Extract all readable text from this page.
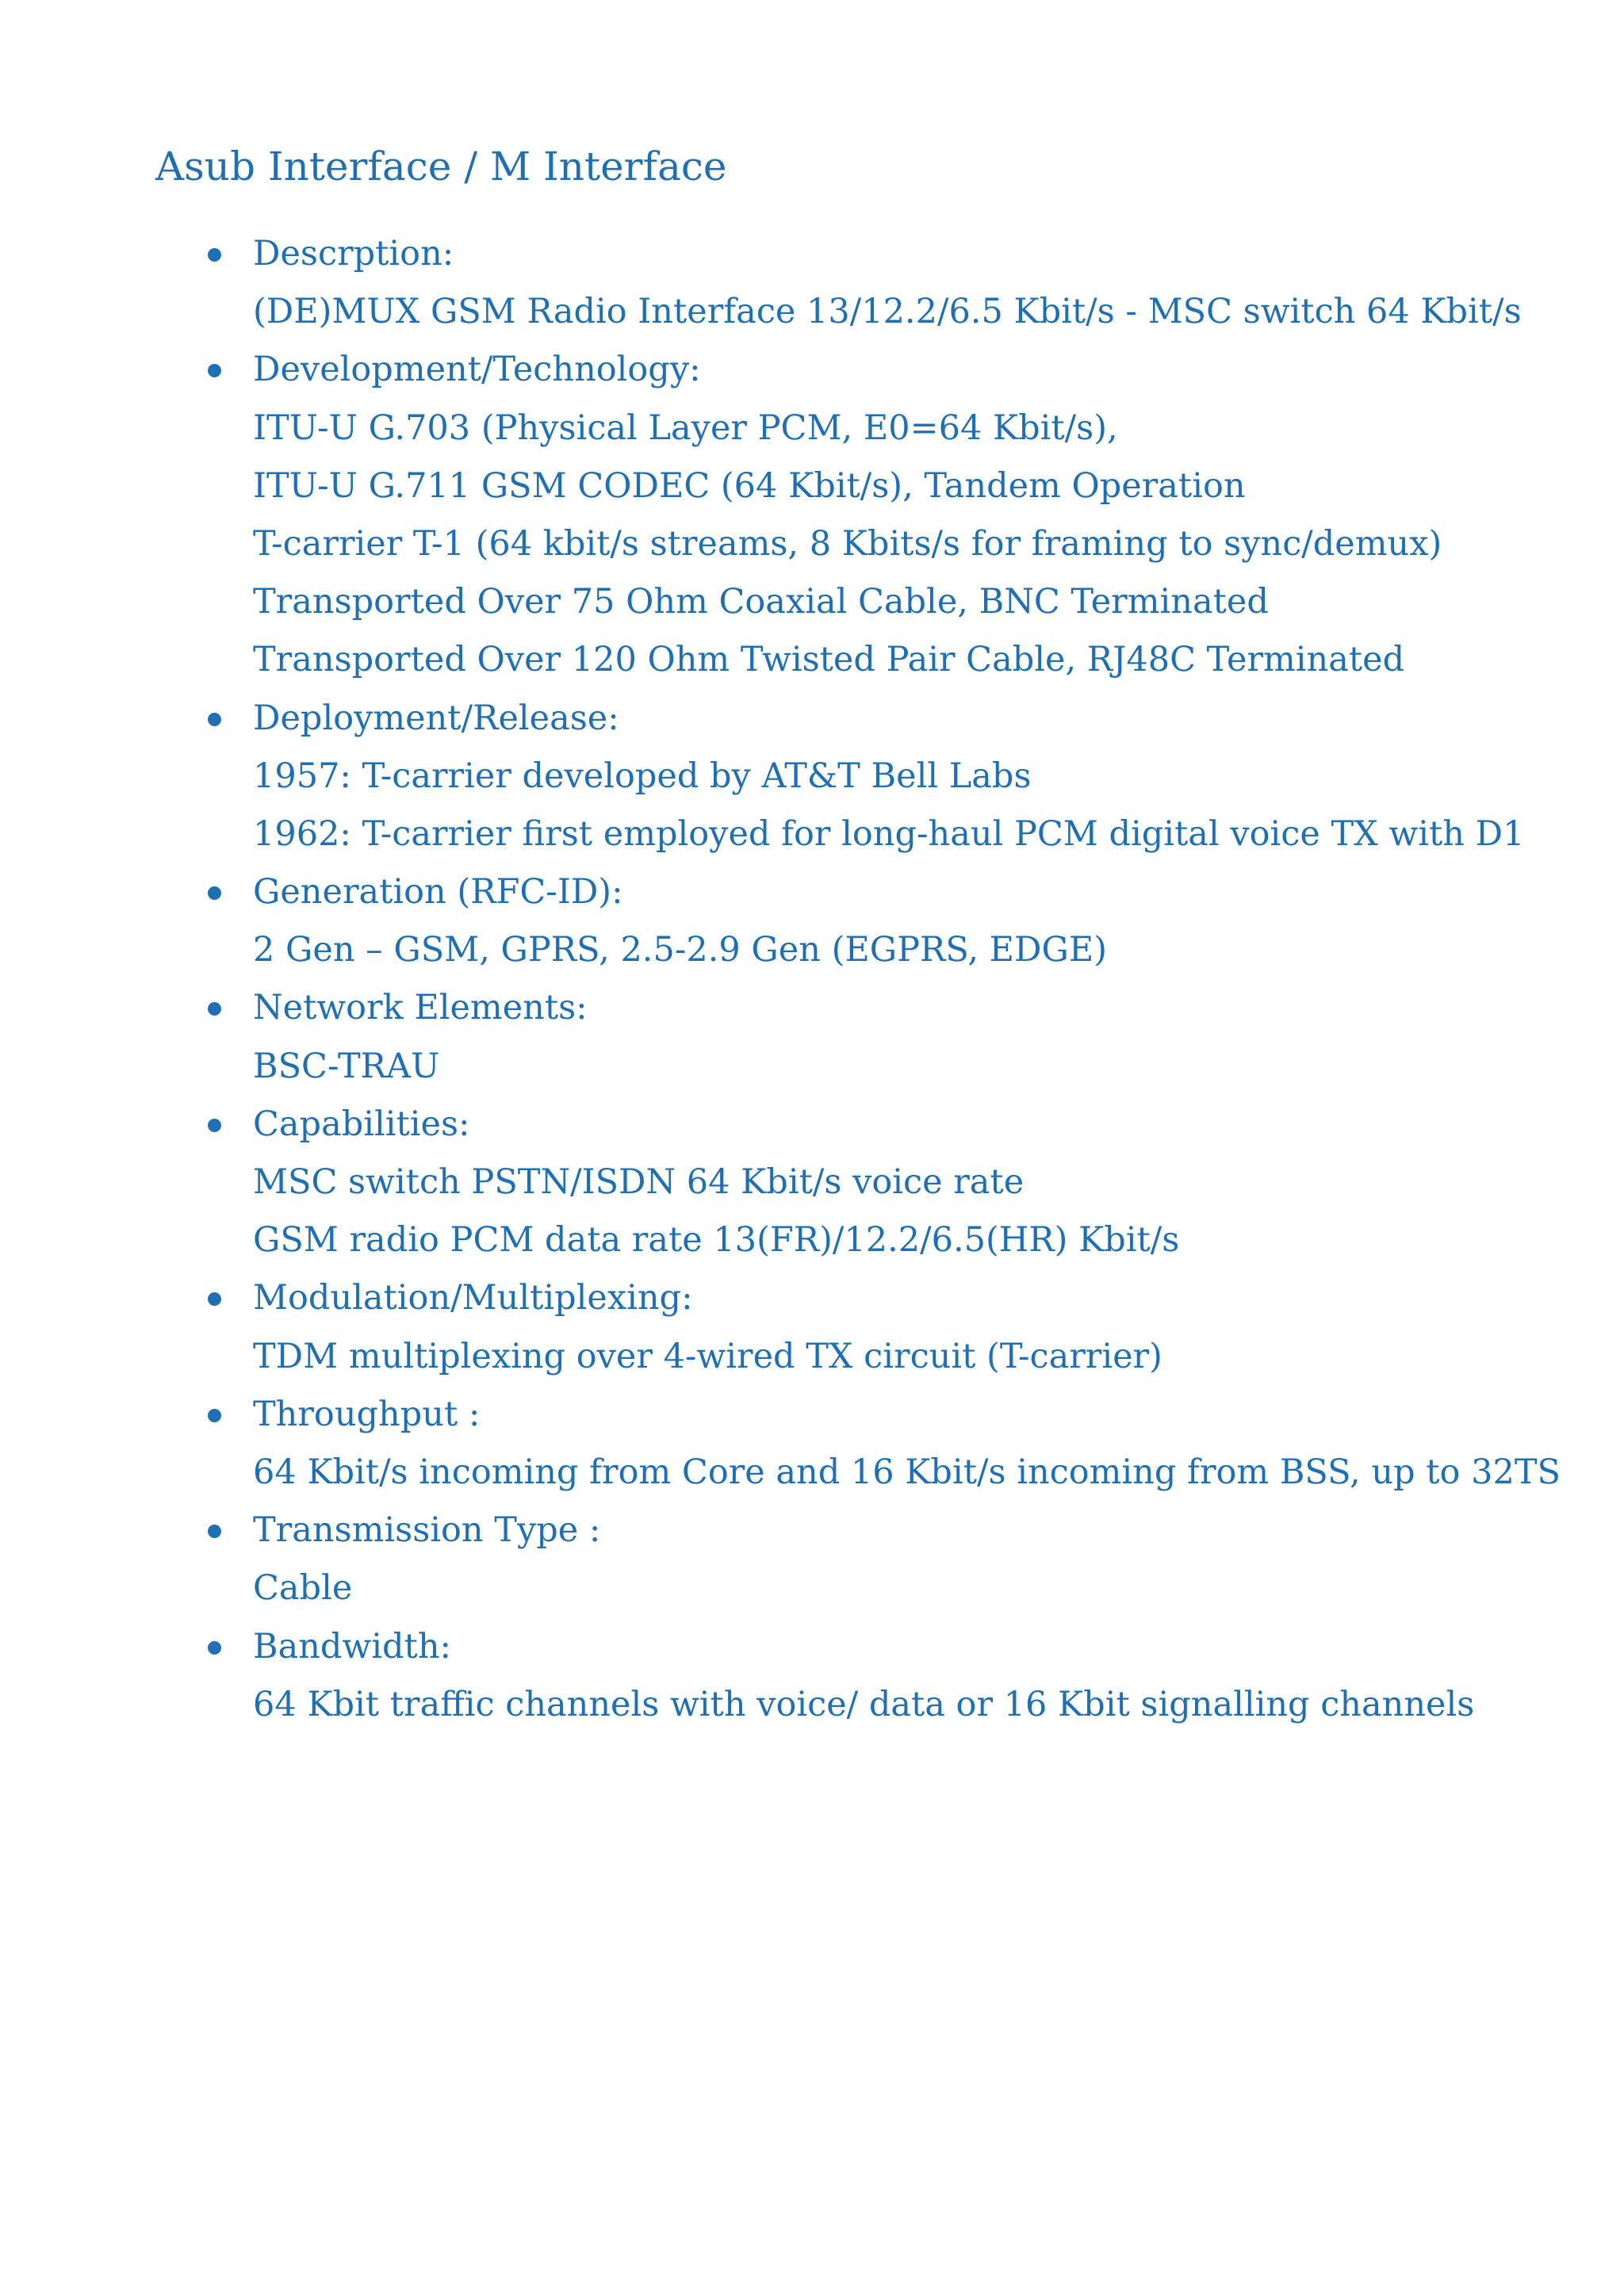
Asub Interface / M Interface
Descrption:
(DE)MUX GSM Radio Interface 13/12.2/6.5 Kbit/s - MSC switch 64 Kbit/s
Development/Technology:
ITU-U G.703 (Physical Layer PCM, E0=64 Kbit/s),
ITU-U G.711 GSM CODEC (64 Kbit/s), Tandem Operation
T-carrier T-1 (64 kbit/s streams, 8 Kbits/s for framing to sync/demux)
Transported Over 75 Ohm Coaxial Cable, BNC Terminated
Transported Over 120 Ohm Twisted Pair Cable, RJ48C Terminated
Deployment/Release:
1957: T-carrier developed by AT&T Bell Labs
1962: T-carrier first employed for long-haul PCM digital voice TX with D1
Generation (RFC-ID):
2 Gen – GSM, GPRS, 2.5-2.9 Gen (EGPRS, EDGE)
Network Elements:
BSC-TRAU
Capabilities:
MSC switch PSTN/ISDN 64 Kbit/s voice rate
GSM radio PCM data rate 13(FR)/12.2/6.5(HR) Kbit/s
Modulation/Multiplexing:
TDM multiplexing over 4-wired TX circuit (T-carrier)
Throughput :
64 Kbit/s incoming from Core and 16 Kbit/s incoming from BSS, up to 32TS
Transmission Type :
Cable
Bandwidth:
64 Kbit traffic channels with voice/ data or 16 Kbit signalling channels
